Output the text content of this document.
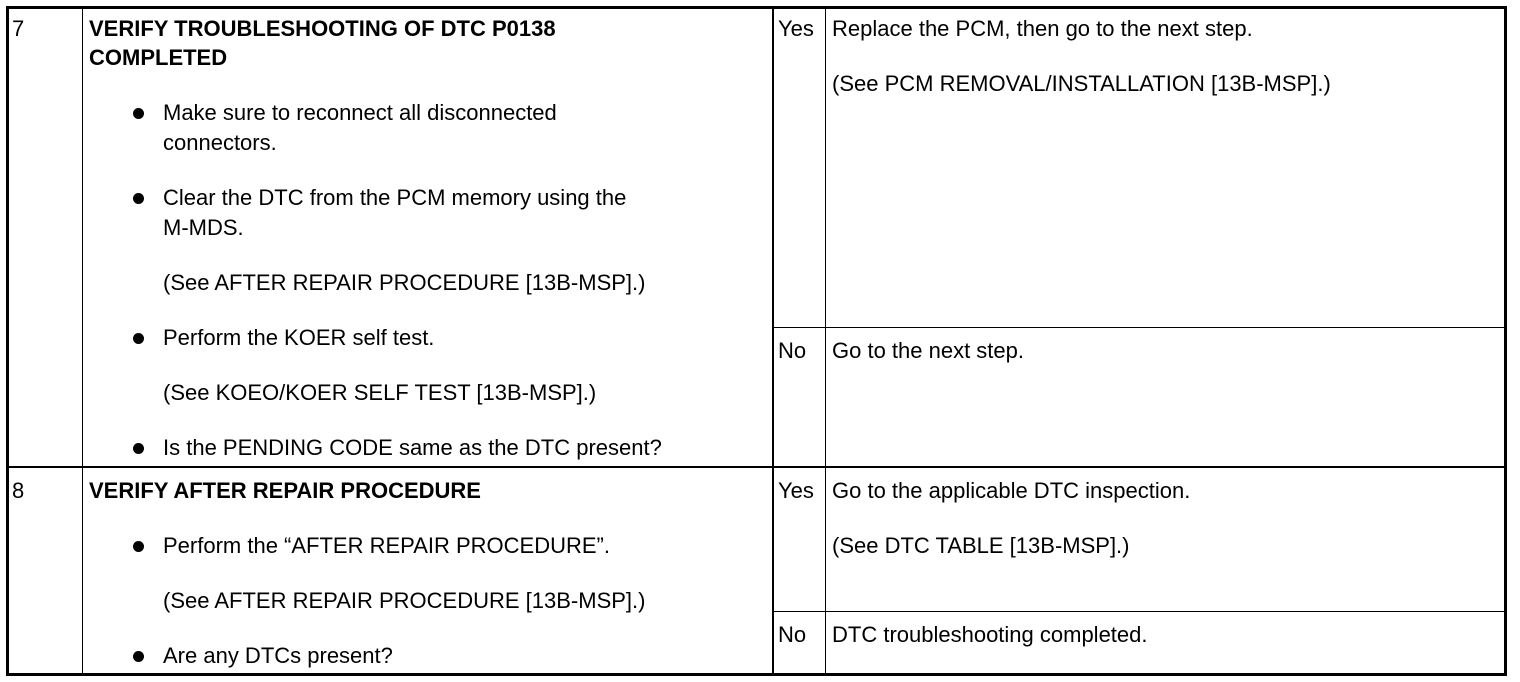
7	VERIFY TROUBLESHOOTING OF DTC P0138
COMPLETED
Make sure to reconnect all disconnected
connectors.
Clear the DTC from the PCM memory using the
M-MDS.
(See AFTER REPAIR PROCEDURE [13B-MSP].)
Perform the KOER self test.
(See KOEO/KOER SELF TEST [13B-MSP].)
Is the PENDING CODE same as the DTC present?
Yes Replace the PCM, then go to the next step.
(See PCM REMOVAL/INSTALLATION [13B-MSP].)
No Go to the next step.
8	VERIFY AFTER REPAIR PROCEDURE
Perform the “AFTER REPAIR PROCEDURE”.
(See AFTER REPAIR PROCEDURE [13B-MSP].)
Are any DTCs present?
Yes Go to the applicable DTC inspection.
(See DTC TABLE [13B-MSP].)
No DTC troubleshooting completed.
